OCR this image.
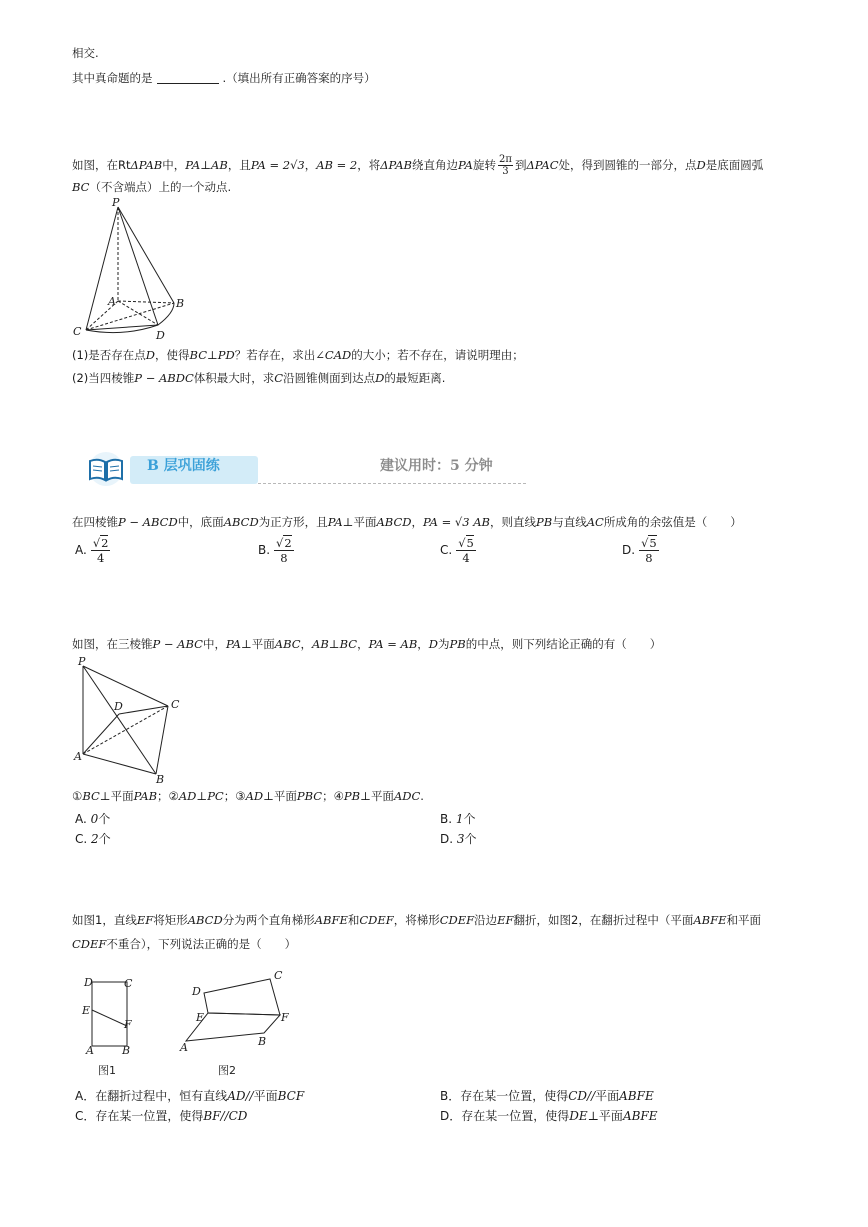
相交.
其中真命题的是	.（填出所有正确答案的序号）
如图，在RtΔPAB中，PA⊥AB，且PA = 2√3，AB = 2，将ΔPAB绕直角边PA旋转 $\frac{2\pi}{3}$ 到ΔPAC处，得到圆锥的一部分，点D是底面圆弧
BC（不含端点）上的一个动点.
P
A	B
C	D
(1)是否存在点D，使得BC⊥PD？若存在，求出∠CAD的大小；若不存在，请说明理由；
(2)当四棱锥P − ABDC体积最大时，求C沿圆锥侧面到达点D的最短距离.
B 层巩固练	建议用时：5 分钟
在四棱锥P − ABCD中，底面ABCD为正方形，且PA⊥平面ABCD，PA = √3 AB，则直线PB与直线AC所成角的余弦值是（　　）
A. $\frac{√2}{4}$	B. $\frac{√2}{8}$	C. $\frac{√5}{4}$	D. $\frac{√5}{8}$
如图，在三棱锥P − ABC中，PA⊥平面ABC，AB⊥BC，PA = AB，D为PB的中点，则下列结论正确的有（　　）
P
D	C
A
B
①BC⊥平面PAB；②AD⊥PC；③AD⊥平面PBC；④PB⊥平面ADC.
A. 0个	B. 1个
C. 2个	D. 3个
如图1，直线EF将矩形ABCD分为两个直角梯形ABFE和CDEF，将梯形CDEF沿边EF翻折，如图2，在翻折过程中（平面ABFE和平面
CDEF不重合），下列说法正确的是（　　）
D	C
E
F
A	B
图1
C
D
E	F
A	B
图2
A．在翻折过程中，恒有直线AD//平面BCF	B．存在某一位置，使得CD//平面ABFE
C．存在某一位置，使得BF//CD	D．存在某一位置，使得DE⊥平面ABFE
